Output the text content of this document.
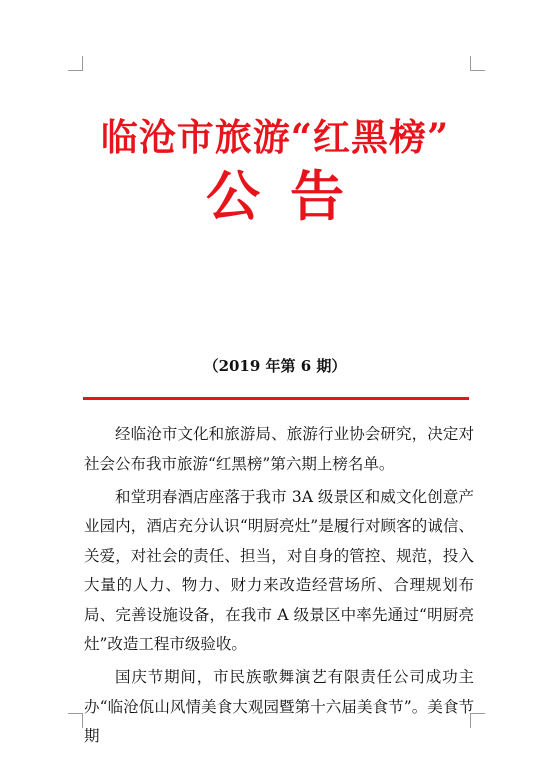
临沧市旅游“红黑榜”
公告
（2019 年第 6 期）

经临沧市文化和旅游局、旅游行业协会研究，决定对社会公布我市旅游“红黑榜”第六期上榜名单。

和堂玥春酒店座落于我市 3A 级景区和威文化创意产业园内，酒店充分认识“明厨亮灶”是履行对顾客的诚信、关爱，对社会的责任、担当，对自身的管控、规范，投入大量的人力、物力、财力来改造经营场所、合理规划布局、完善设施设备，在我市 A 级景区中率先通过“明厨亮灶”改造工程市级验收。

国庆节期间，市民族歌舞演艺有限责任公司成功主办“临沧佤山风情美食大观园暨第十六届美食节”。美食节期
